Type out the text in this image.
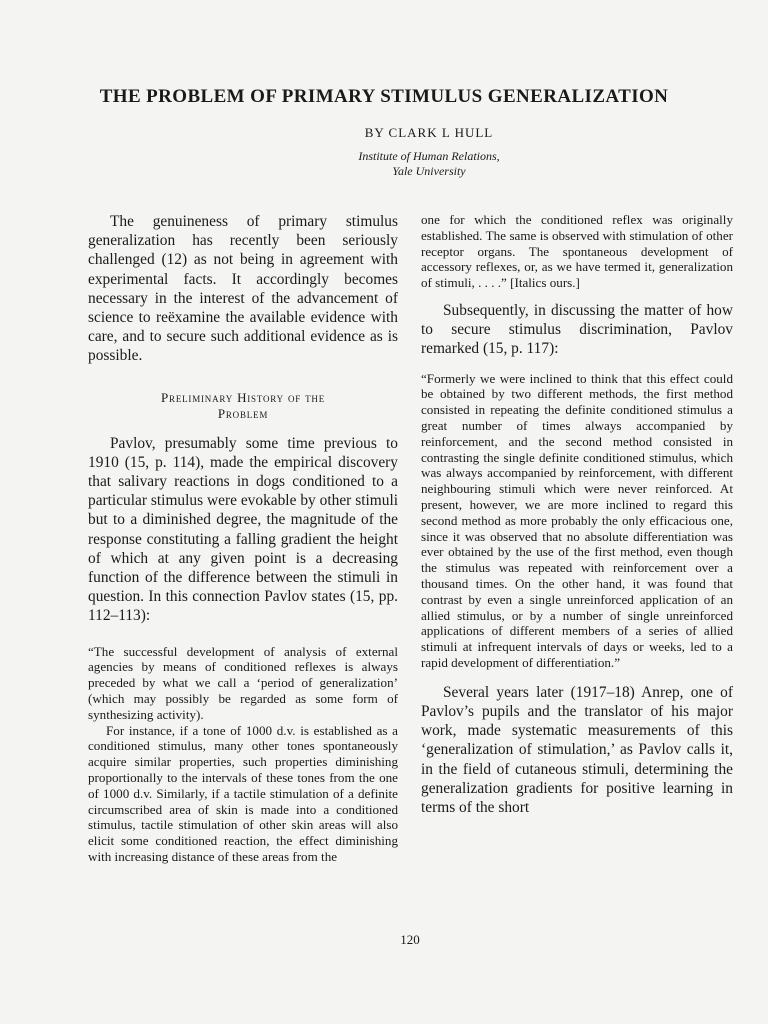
THE PROBLEM OF PRIMARY STIMULUS GENERALIZATION
BY CLARK L HULL
Institute of Human Relations,
Yale University

The genuineness of primary stimulus generalization has recently been seriously challenged (12) as not being in agreement with experimental facts. It accordingly becomes necessary in the interest of the advancement of science to reëxamine the available evidence with care, and to secure such additional evidence as is possible.

Preliminary History of the
Problem

Pavlov, presumably some time previous to 1910 (15, p. 114), made the empirical discovery that salivary reactions in dogs conditioned to a particular stimulus were evokable by other stimuli but to a diminished degree, the magnitude of the response constituting a falling gradient the height of which at any given point is a decreasing function of the difference between the stimuli in question. In this connection Pavlov states (15, pp. 112–113):

“The successful development of analysis of external agencies by means of conditioned reflexes is always preceded by what we call a ‘period of generalization’ (which may possibly be regarded as some form of synthesizing activity).

For instance, if a tone of 1000 d.v. is established as a conditioned stimulus, many other tones spontaneously acquire similar properties, such properties diminishing proportionally to the intervals of these tones from the one of 1000 d.v. Similarly, if a tactile stimulation of a definite circumscribed area of skin is made into a conditioned stimulus, tactile stimulation of other skin areas will also elicit some conditioned reaction, the effect diminishing with increasing distance of these areas from the

one for which the conditioned reflex was originally established. The same is observed with stimulation of other receptor organs. The spontaneous development of accessory reflexes, or, as we have termed it, generalization of stimuli, . . . .” [Italics ours.]

Subsequently, in discussing the matter of how to secure stimulus discrimination, Pavlov remarked (15, p. 117):

“Formerly we were inclined to think that this effect could be obtained by two different methods, the first method consisted in repeating the definite conditioned stimulus a great number of times always accompanied by reinforcement, and the second method consisted in contrasting the single definite conditioned stimulus, which was always accompanied by reinforcement, with different neighbouring stimuli which were never reinforced. At present, however, we are more inclined to regard this second method as more probably the only efficacious one, since it was observed that no absolute differentiation was ever obtained by the use of the first method, even though the stimulus was repeated with reinforcement over a thousand times. On the other hand, it was found that contrast by even a single unreinforced application of an allied stimulus, or by a number of single unreinforced applications of different members of a series of allied stimuli at infrequent intervals of days or weeks, led to a rapid development of differentiation.”

Several years later (1917–18) Anrep, one of Pavlov’s pupils and the translator of his major work, made systematic measurements of this ‘generalization of stimulation,’ as Pavlov calls it, in the field of cutaneous stimuli, determining the generalization gradients for positive learning in terms of the short

120
